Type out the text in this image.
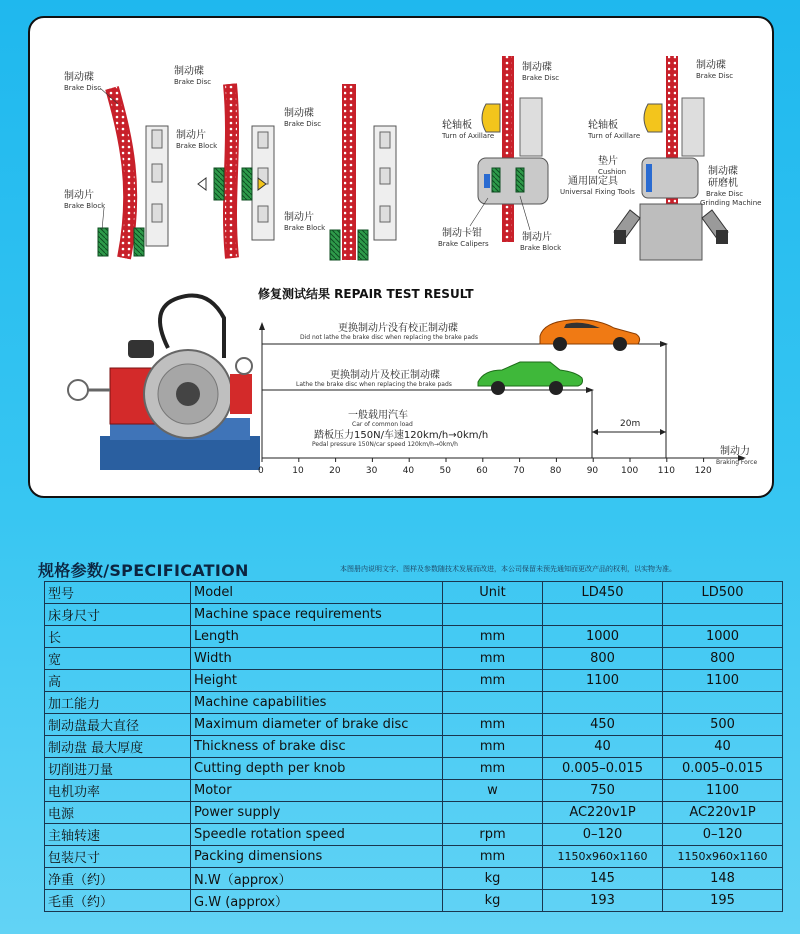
制动碟
Brake Disc
制动片
Brake Block
制动碟
Brake Disc
制动片
Brake Block
制动碟
Brake Disc
制动片
Brake Block
轮轴板
Turn of Axillare
制动碟
Brake Disc
制动卡钳
Brake Calipers
制动片
Brake Block
制动碟
Brake Disc
轮轴板
Turn of Axillare
垫片
Cushion
通用固定具
Universal Fixing Tools
制动碟
研磨机
Brake Disc
Grinding Machine
修复测试结果 REPAIR TEST RESULT
0	10	20	30	40	50	60	70	80	90	100 110 120
制动力
Braking Force
更换制动片没有校正制动碟
Did not lathe the brake disc when replacing the brake pads
更换制动片及校正制动碟
Lathe the brake disc when replacing the brake pads
20m
一般载用汽车
Car of common load
踏板压力150N/车速120km/h→0km/h
Pedal pressure 150N/car speed 120km/h→0km/h
规格参数/SPECIFICATION	本图册内说明文字、图样及参数随技术发展而改进，本公司保留未预先通知而更改产品的权利，以实物为准。
型号	Model	Unit	LD450	LD500
床身尺寸	Machine space requirements			
长	Length	mm	1000	1000
宽	Width	mm	800	800
高	Height	mm	1100	1100
加工能力	Machine capabilities			
制动盘最大直径	Maximum diameter of brake disc	mm	450	500
制动盘 最大厚度	Thickness of brake disc	mm	40	40
切削进刀量	Cutting depth per knob	mm	0.005–0.015	0.005–0.015
电机功率	Motor	w	750	1100
电源	Power supply		AC220v1P	AC220v1P
主轴转速	Speedle rotation speed	rpm	0–120	0–120
包装尺寸	Packing dimensions	mm	1150x960x1160	1150x960x1160
净重（约）	N.W（approx）	kg	145	148
毛重（约）	G.W (approx）	kg	193	195
